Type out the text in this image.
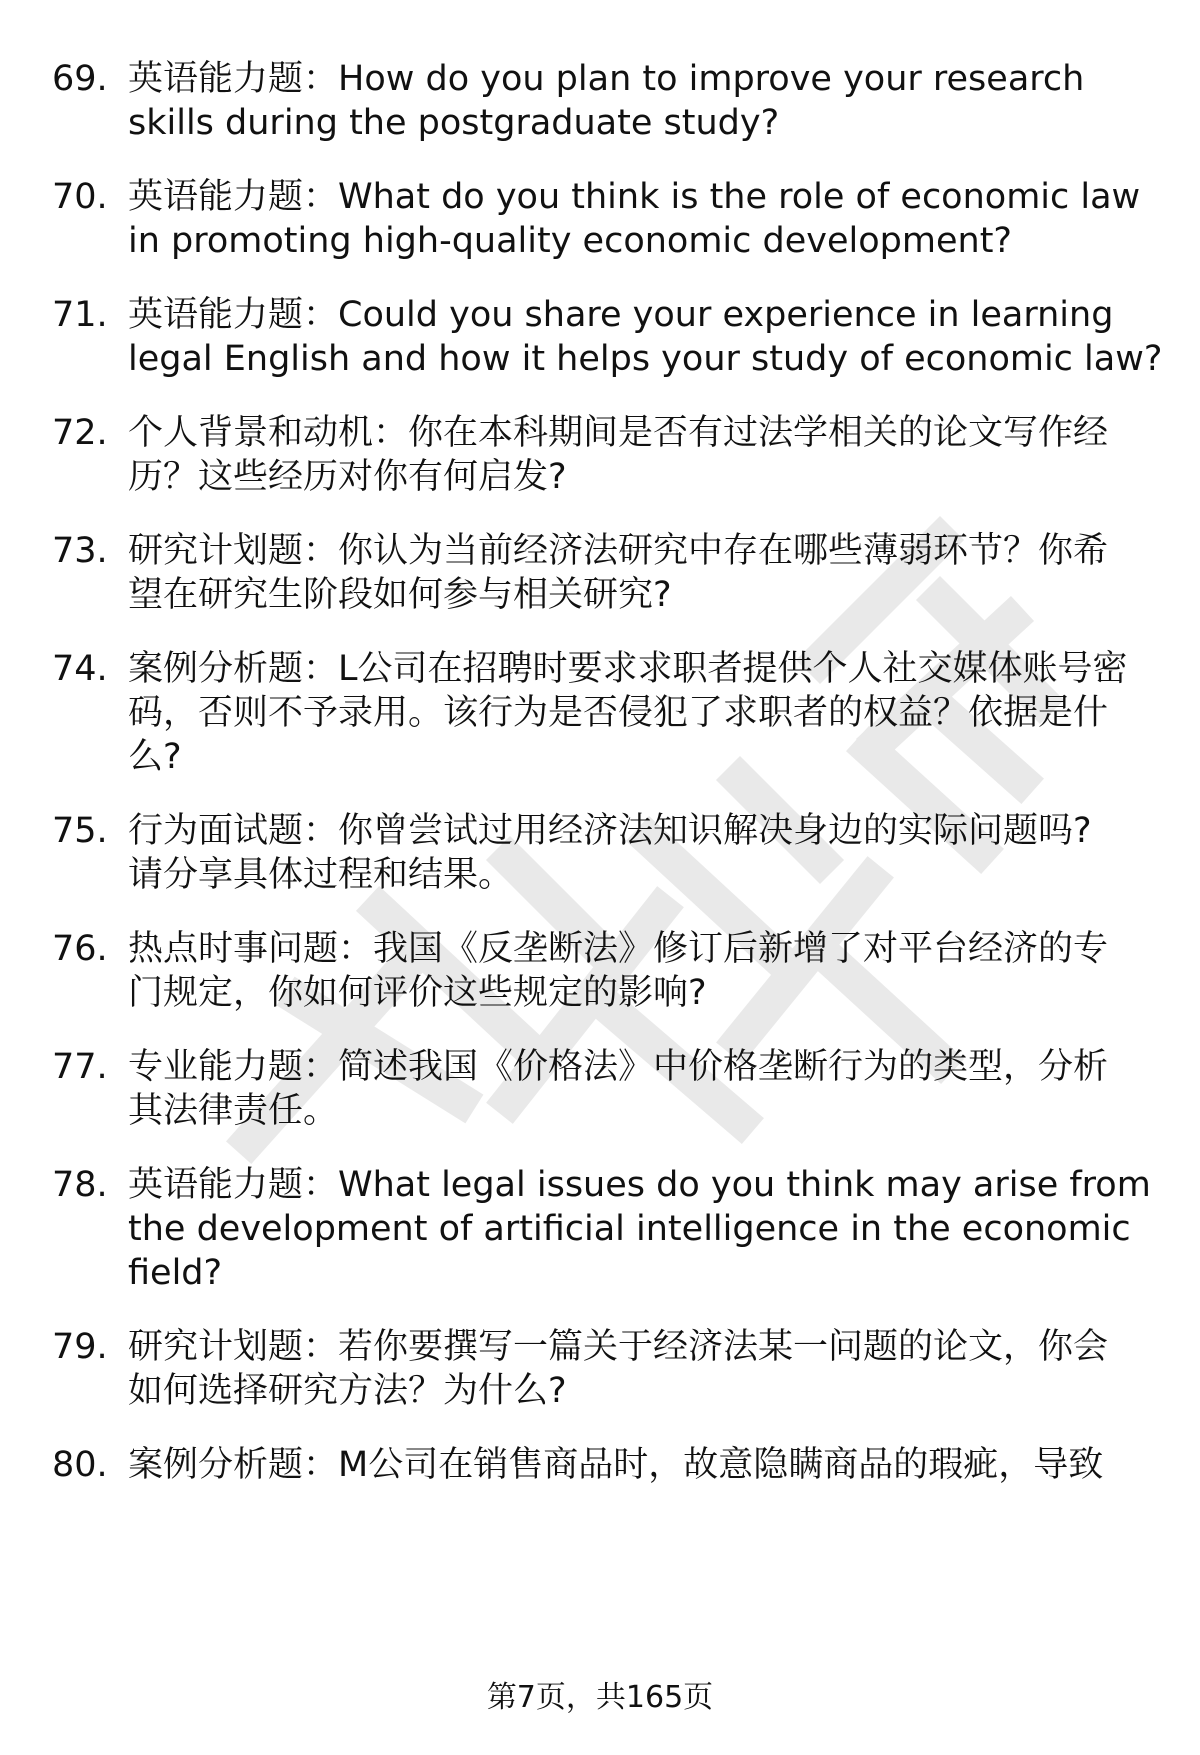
69. 英语能力题：How do you plan to improve your research
skills during the postgraduate study?
70. 英语能力题：What do you think is the role of economic law
in promoting high-quality economic development?
71. 英语能力题：Could you share your experience in learning
legal English and how it helps your study of economic law?
72. 个人背景和动机：你在本科期间是否有过法学相关的论文写作经
历？这些经历对你有何启发?
73. 研究计划题：你认为当前经济法研究中存在哪些薄弱环节？你希
望在研究生阶段如何参与相关研究?
74. 案例分析题：L公司在招聘时要求求职者提供个人社交媒体账号密
码，否则不予录用。该行为是否侵犯了求职者的权益？依据是什
么?
75. 行为面试题：你曾尝试过用经济法知识解决身边的实际问题吗?
请分享具体过程和结果。
76. 热点时事问题：我国《反垄断法》修订后新增了对平台经济的专
门规定，你如何评价这些规定的影响?
77. 专业能力题：简述我国《价格法》中价格垄断行为的类型，分析
其法律责任。
78. 英语能力题：What legal issues do you think may arise from
the development of artificial intelligence in the economic
field?
79. 研究计划题：若你要撰写一篇关于经济法某一问题的论文，你会
如何选择研究方法？为什么?
80. 案例分析题：M公司在销售商品时，故意隐瞒商品的瑕疵，导致
第7页，共165页
